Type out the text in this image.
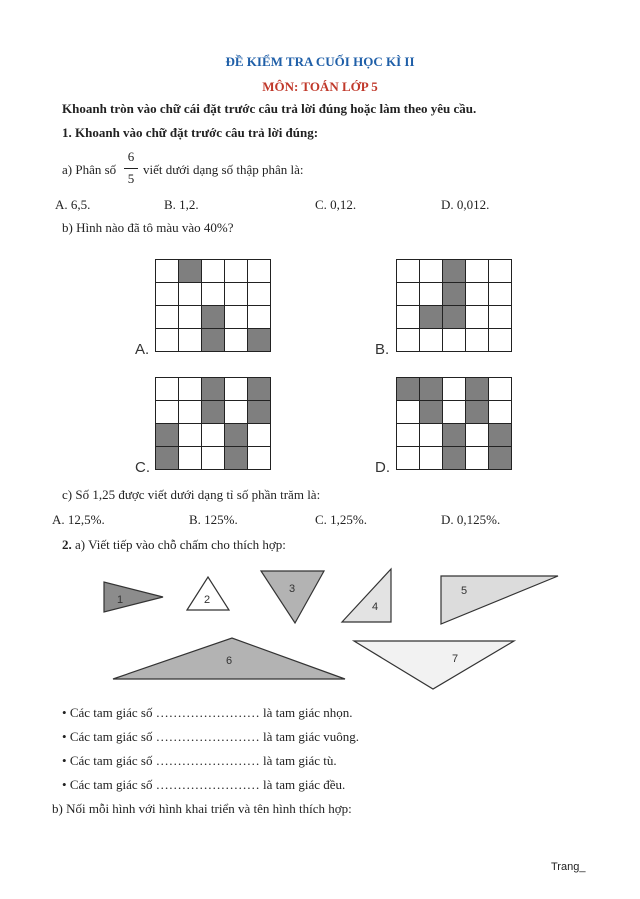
ĐỀ KIỂM TRA CUỐI HỌC KÌ II
MÔN: TOÁN LỚP 5
Khoanh tròn vào chữ cái đặt trước câu trả lời đúng hoặc làm theo yêu cầu.
1. Khoanh vào chữ đặt trước câu trả lời đúng:
a) Phân số
6
5
viết dưới dạng số thập phân là:
A. 6,5.	B. 1,2.	C. 0,12.	D. 0,012.
b) Hình nào đã tô màu vào 40%?

A.

					B.

C.

					D.
c) Số 1,25 được viết dưới dạng tỉ số phần trăm là:
A. 12,5%.	B. 125%.	C. 1,25%.	D. 0,125%.
2. a) Viết tiếp vào chỗ chấm cho thích hợp:
1	2
3
4
5
6	7
• Các tam giác số …………………… là tam giác nhọn.
• Các tam giác số …………………… là tam giác vuông.
• Các tam giác số …………………… là tam giác tù.
• Các tam giác số …………………… là tam giác đều.
b) Nối mỗi hình với hình khai triển và tên hình thích hợp:
Trang_
